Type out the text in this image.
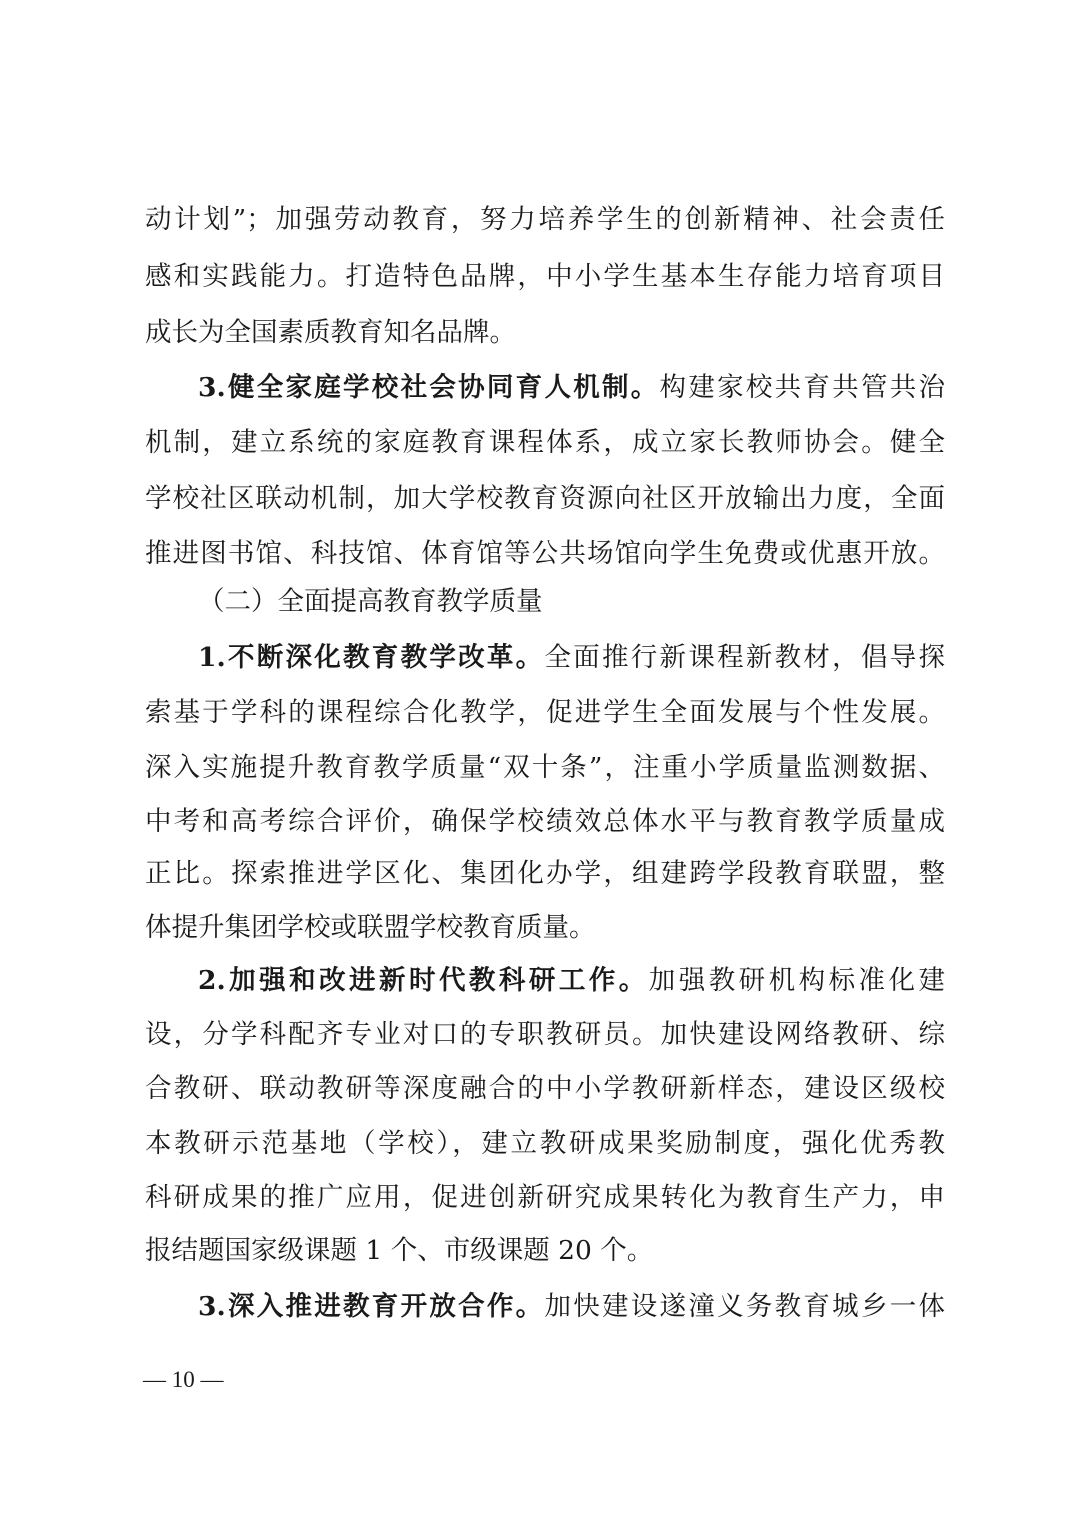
动计划”；加强劳动教育，努力培养学生的创新精神、社会责任
感和实践能力。打造特色品牌，中小学生基本生存能力培育项目
成长为全国素质教育知名品牌。
3.健全家庭学校社会协同育人机制。构建家校共育共管共治
机制，建立系统的家庭教育课程体系，成立家长教师协会。健全
学校社区联动机制，加大学校教育资源向社区开放输出力度，全面
推进图书馆、科技馆、体育馆等公共场馆向学生免费或优惠开放。
（二）全面提高教育教学质量
1.不断深化教育教学改革。全面推行新课程新教材，倡导探
索基于学科的课程综合化教学，促进学生全面发展与个性发展。
深入实施提升教育教学质量“双十条”，注重小学质量监测数据、
中考和高考综合评价，确保学校绩效总体水平与教育教学质量成
正比。探索推进学区化、集团化办学，组建跨学段教育联盟，整
体提升集团学校或联盟学校教育质量。
2.加强和改进新时代教科研工作。加强教研机构标准化建
设，分学科配齐专业对口的专职教研员。加快建设网络教研、综
合教研、联动教研等深度融合的中小学教研新样态，建设区级校
本教研示范基地（学校），建立教研成果奖励制度，强化优秀教
科研成果的推广应用，促进创新研究成果转化为教育生产力，申
报结题国家级课题 1 个、市级课题 20 个。
3.深入推进教育开放合作。加快建设遂潼义务教育城乡一体
— 10 —
